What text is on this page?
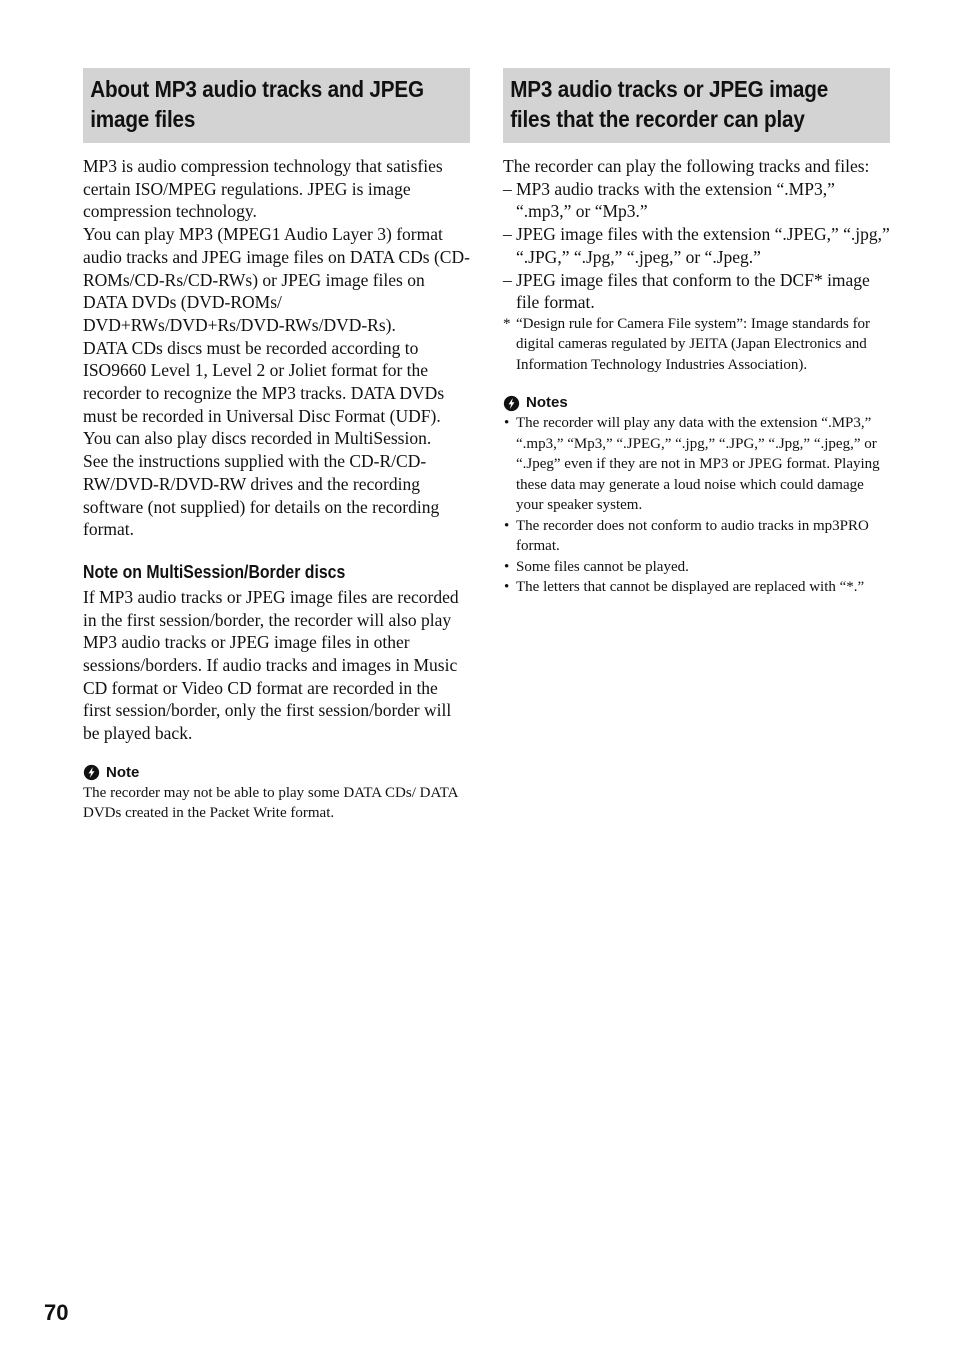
About MP3 audio tracks and JPEG
image files

MP3 is audio compression technology that satisfies certain ISO/MPEG regulations. JPEG is image compression technology.

You can play MP3 (MPEG1 Audio Layer 3) format audio tracks and JPEG image files on DATA CDs (CD-ROMs/CD-Rs/CD-RWs) or JPEG image files on DATA DVDs (DVD-ROMs/ DVD+RWs/DVD+Rs/DVD-RWs/DVD-Rs).

DATA CDs discs must be recorded according to ISO9660 Level 1, Level 2 or Joliet format for the recorder to recognize the MP3 tracks. DATA DVDs must be recorded in Universal Disc Format (UDF). You can also play discs recorded in MultiSession.

See the instructions supplied with the CD-R/CD-RW/DVD-R/DVD-RW drives and the recording software (not supplied) for details on the recording format.

Note on MultiSession/Border discs

If MP3 audio tracks or JPEG image files are recorded in the first session/border, the recorder will also play MP3 audio tracks or JPEG image files in other sessions/borders. If audio tracks and images in Music CD format or Video CD format are recorded in the first session/border, only the first session/border will be played back.

Note

The recorder may not be able to play some DATA CDs/ DATA DVDs created in the Packet Write format.

MP3 audio tracks or JPEG image
files that the recorder can play

The recorder can play the following tracks and files:

– MP3 audio tracks with the extension “.MP3,” “.mp3,” or “Mp3.”
– JPEG image files with the extension “.JPEG,” “.jpg,” “.JPG,” “.Jpg,” “.jpeg,” or “.Jpeg.”
– JPEG image files that conform to the DCF* image file format.
* “Design rule for Camera File system”: Image standards for digital cameras regulated by JEITA (Japan Electronics and Information Technology Industries Association).
Notes
• The recorder will play any data with the extension “.MP3,” “.mp3,” “Mp3,” “.JPEG,” “.jpg,” “.JPG,” “.Jpg,” “.jpeg,” or “.Jpeg” even if they are not in MP3 or JPEG format. Playing these data may generate a loud noise which could damage your speaker system.
• The recorder does not conform to audio tracks in mp3PRO format.
• Some files cannot be played.
• The letters that cannot be displayed are replaced with “*.”
70
